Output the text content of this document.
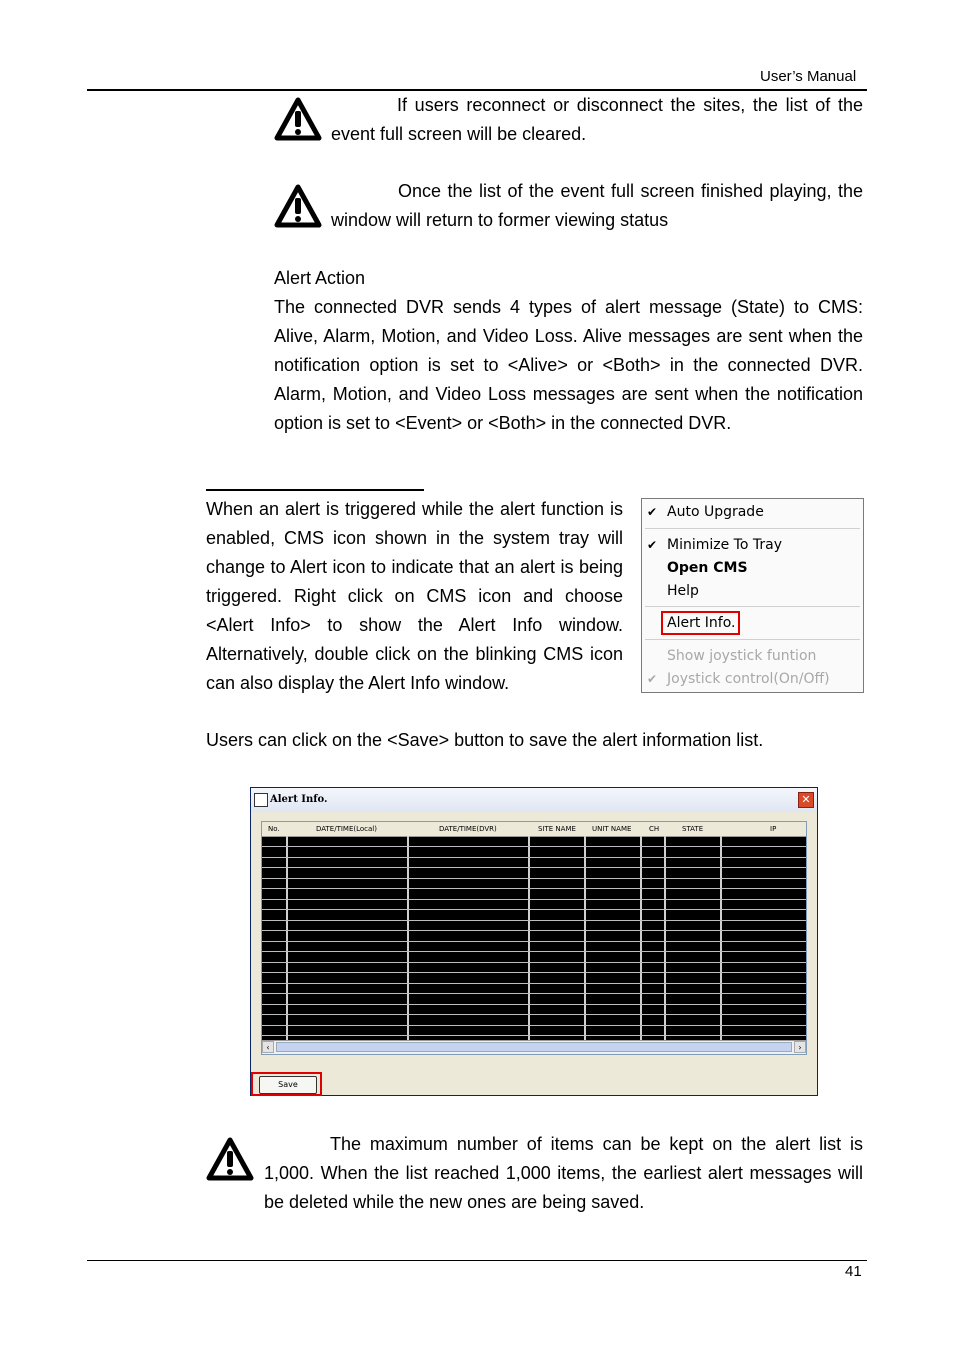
User’s Manual
If users reconnect or disconnect the sites, the list of the event full screen will be cleared.
Once the list of the event full screen finished playing, the window will return to former viewing status
Alert Action
The connected DVR sends 4 types of alert message (State) to CMS: Alive, Alarm, Motion, and Video Loss. Alive messages are sent when the notification option is set to <Alive> or <Both> in the connected DVR. Alarm, Motion, and Video Loss messages are sent when the notification option is set to <Event> or <Both> in the connected DVR.
When an alert is triggered while the alert function is enabled, CMS icon shown in the system tray will change to Alert icon to indicate that an alert is being triggered. Right click on CMS icon and choose <Alert Info> to show the Alert Info window. Alternatively, double click on the blinking CMS icon can also display the Alert Info window.
✔ Auto Upgrade
✔ Minimize To Tray
Open CMS
Help
Alert Info.
Show joystick funtion
✔ Joystick control(On/Off)
Users can click on the <Save> button to save the alert information list.
Alert Info.	✕
No.	DATE/TIME(Local)	DATE/TIME(DVR)	SITE NAME UNIT NAME	CH	STATE	IP
‹	›
Save
The maximum number of items can be kept on the alert list is 1,000. When the list reached 1,000 items, the earliest alert messages will be deleted while the new ones are being saved.
41
